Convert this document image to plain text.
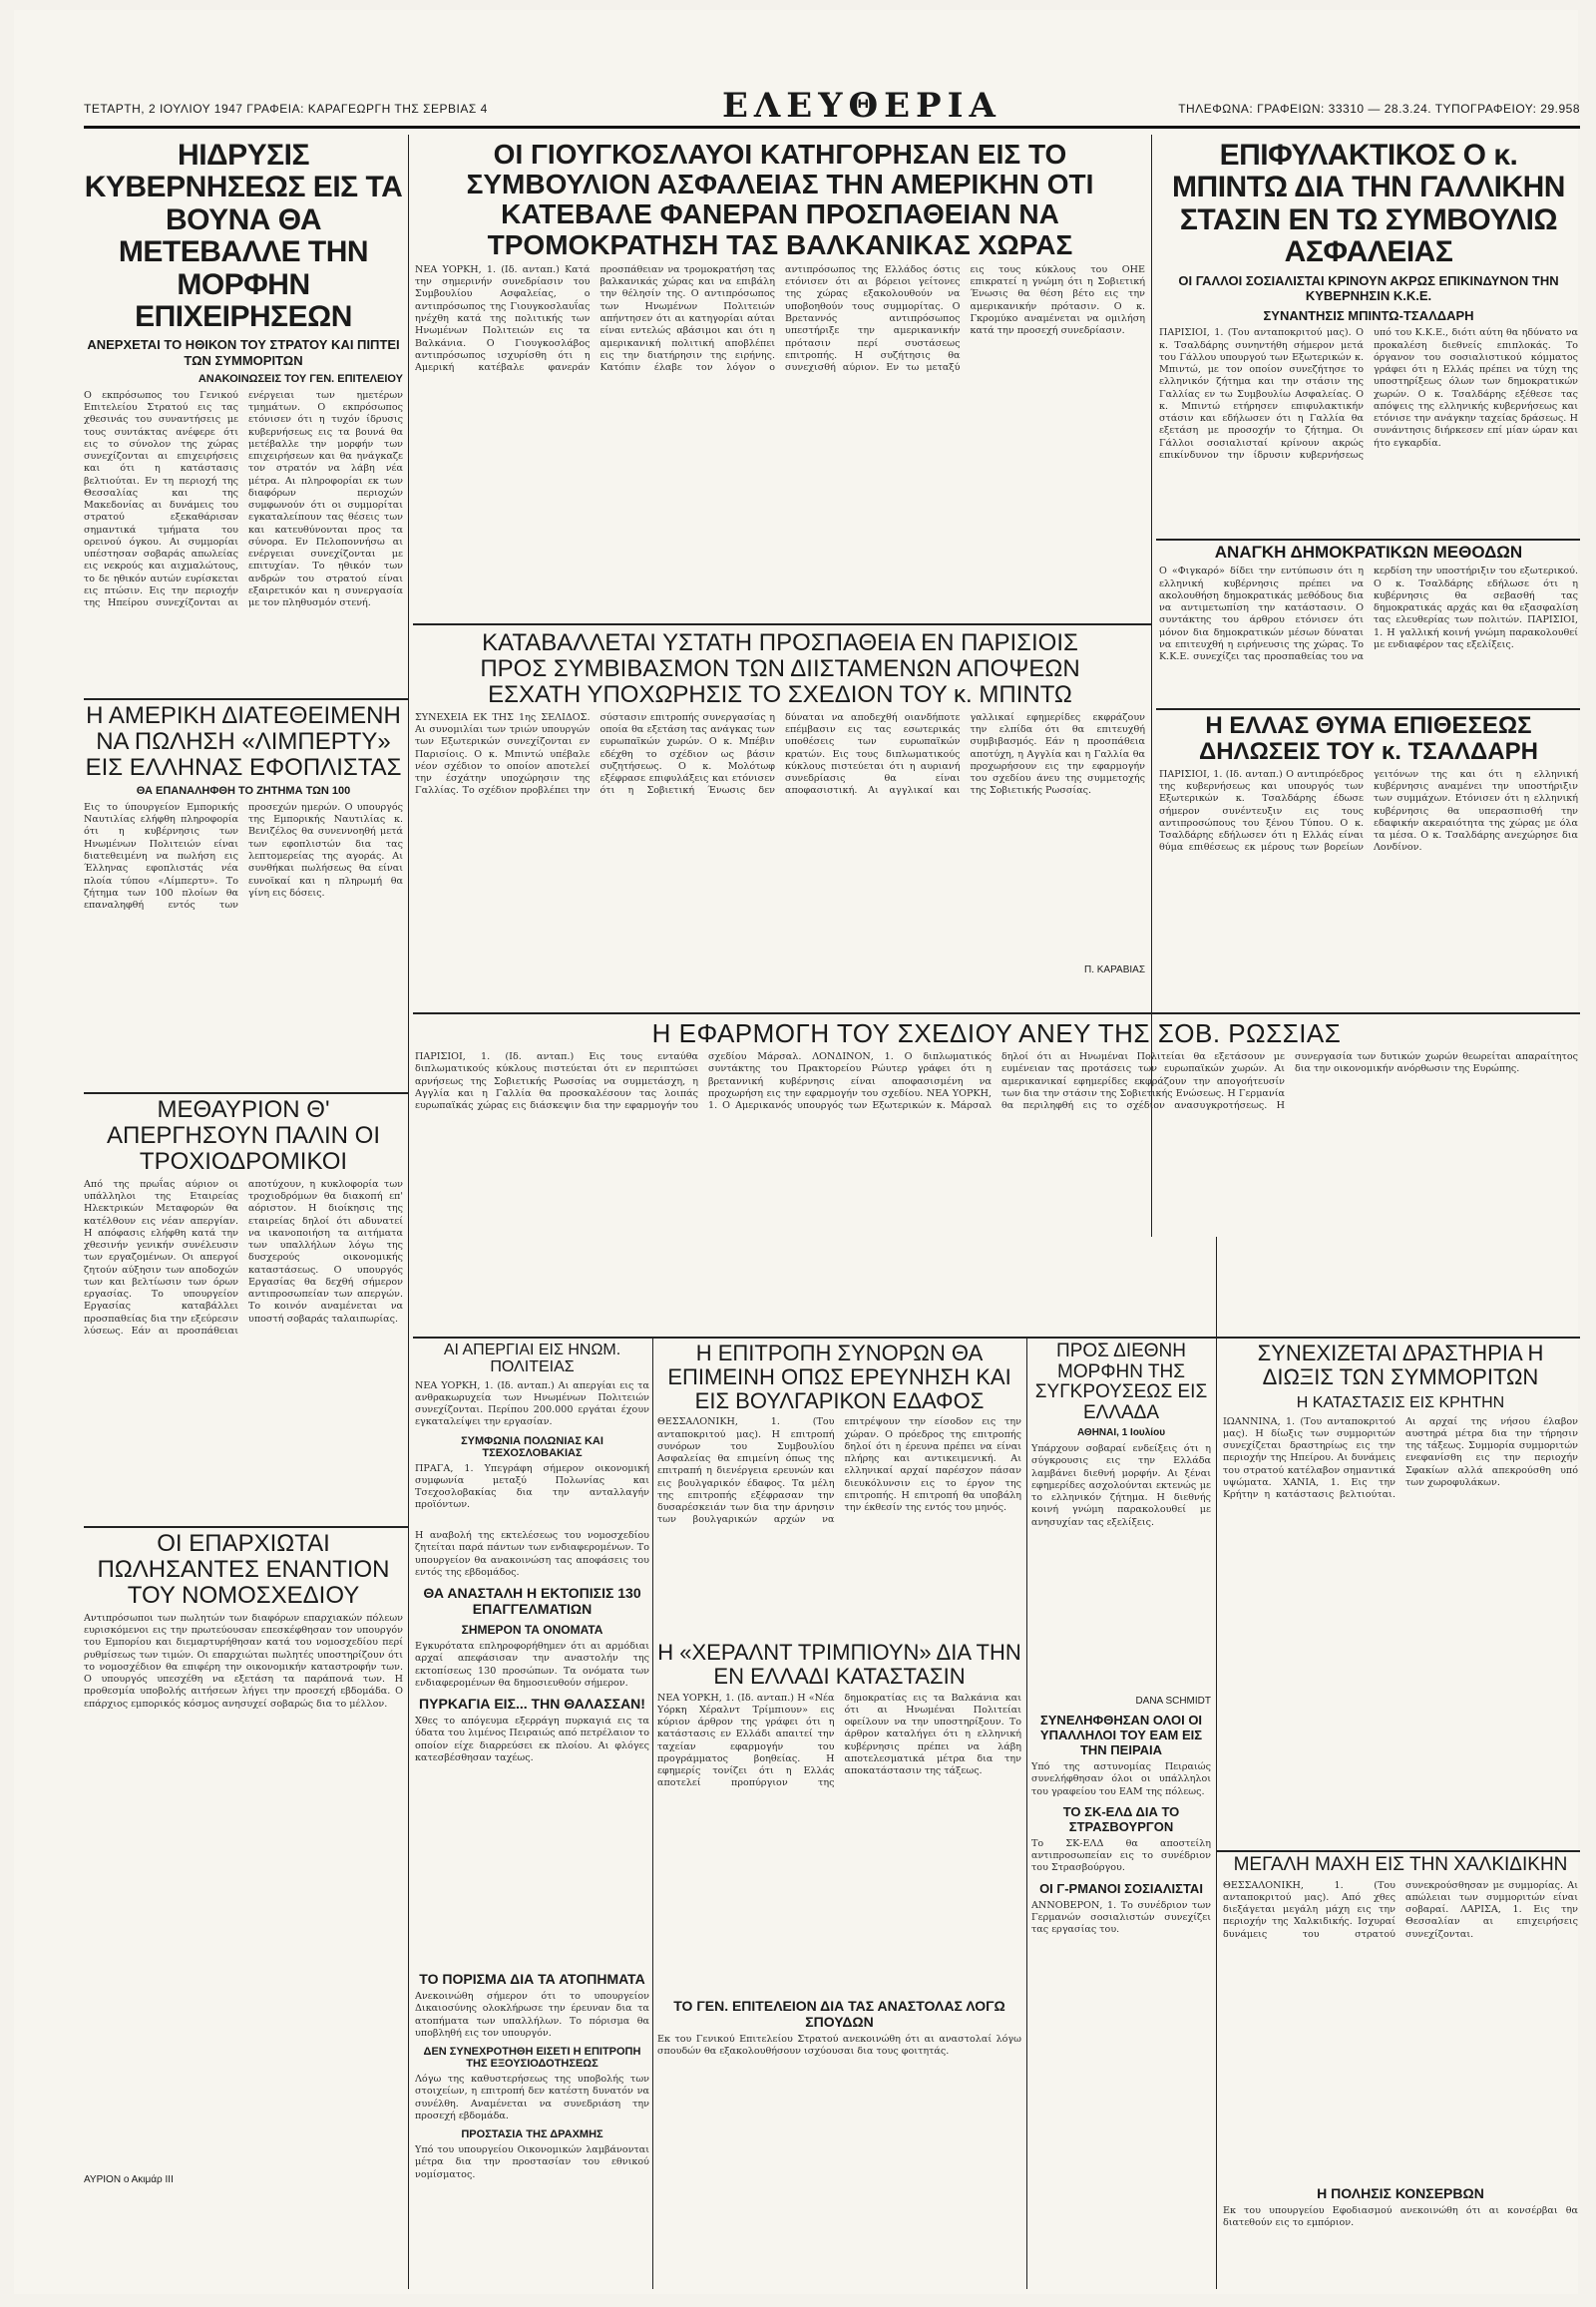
ΤΕΤΑΡΤΗ, 2 ΙΟΥΛΙΟΥ 1947 ΓΡΑΦΕΙΑ: ΚΑΡΑΓΕΩΡΓΗ ΤΗΣ ΣΕΡΒΙΑΣ 4	ΕΛΕΥΘΕΡΙΑ	ΤΗΛΕΦΩΝΑ: ΓΡΑΦΕΙΩΝ: 33310 — 28.3.24. ΤΥΠΟΓΡΑΦΕΙΟΥ: 29.958
ΗΙΔΡΥΣΙΣ ΚΥΒΕΡΝΗΣΕΩΣ ΕΙΣ ΤΑ ΒΟΥΝΑ ΘΑ ΜΕΤΕΒΑΛΛΕ ΤΗΝ ΜΟΡΦΗΝ ΕΠΙΧΕΙΡΗΣΕΩΝ

ΑΝΕΡΧΕΤΑΙ ΤΟ ΗΘΙΚΟΝ ΤΟΥ ΣΤΡΑΤΟΥ ΚΑΙ ΠΙΠΤΕΙ ΤΩΝ ΣΥΜΜΟΡΙΤΩΝ

ΑΝΑΚΟΙΝΩΣΕΙΣ ΤΟΥ ΓΕΝ. ΕΠΙΤΕΛΕΙΟΥ

Ο εκπρόσωπος του Γενικού Επιτελείου Στρατού εις τας χθεσινάς του συναντήσεις με τους συντάκτας ανέφερε ότι εις το σύνολον της χώρας συνεχίζονται αι επιχειρήσεις και ότι η κατάστασις βελτιούται. Εν τη περιοχή της Θεσσαλίας και της Μακεδονίας αι δυνάμεις του στρατού εξεκαθάρισαν σημαντικά τμήματα του ορεινού όγκου. Αι συμμορίαι υπέστησαν σοβαράς απωλείας εις νεκρούς και αιχμαλώτους, το δε ηθικόν αυτών ευρίσκεται εις πτώσιν. Εις την περιοχήν της Ηπείρου συνεχίζονται αι ενέργειαι των ημετέρων τμημάτων. Ο εκπρόσωπος ετόνισεν ότι η τυχόν ίδρυσις κυβερνήσεως εις τα βουνά θα μετέβαλλε την μορφήν των επιχειρήσεων και θα ηνάγκαζε τον στρατόν να λάβη νέα μέτρα. Αι πληροφορίαι εκ των διαφόρων περιοχών συμφωνούν ότι οι συμμορίται εγκαταλείπουν τας θέσεις των και κατευθύνονται προς τα σύνορα. Εν Πελοποννήσω αι ενέργειαι συνεχίζονται με επιτυχίαν. Το ηθικόν των ανδρών του στρατού είναι εξαιρετικόν και η συνεργασία με τον πληθυσμόν στενή.

ΟΙ ΓΙΟΥΓΚΟΣΛΑΥΟΙ ΚΑΤΗΓΟΡΗΣΑΝ ΕΙΣ ΤΟ ΣΥΜΒΟΥΛΙΟΝ ΑΣΦΑΛΕΙΑΣ ΤΗΝ ΑΜΕΡΙΚΗΝ ΟΤΙ ΚΑΤΕΒΑΛΕ ΦΑΝΕΡΑΝ ΠΡΟΣΠΑΘΕΙΑΝ ΝΑ ΤΡΟΜΟΚΡΑΤΗΣΗ ΤΑΣ ΒΑΛΚΑΝΙΚΑΣ ΧΩΡΑΣ

ΝΕΑ ΥΟΡΚΗ, 1. (Ιδ. ανταπ.) Κατά την σημερινήν συνεδρίασιν του Συμβουλίου Ασφαλείας, ο αντιπρόσωπος της Γιουγκοσλαυΐας ηνέχθη κατά της πολιτικής των Ηνωμένων Πολιτειών εις τα Βαλκάνια. Ο Γιουγκοσλάβος αντιπρόσωπος ισχυρίσθη ότι η Αμερική κατέβαλε φανεράν προσπάθειαν να τρομοκρατήση τας βαλκανικάς χώρας και να επιβάλη την θέλησίν της. Ο αντιπρόσωπος των Ηνωμένων Πολιτειών απήντησεν ότι αι κατηγορίαι αύται είναι εντελώς αβάσιμοι και ότι η αμερικανική πολιτική αποβλέπει εις την διατήρησιν της ειρήνης. Κατόπιν έλαβε τον λόγον ο αντιπρόσωπος της Ελλάδος όστις ετόνισεν ότι αι βόρειοι γείτονες της χώρας εξακολουθούν να υποβοηθούν τους συμμορίτας. Ο Βρεταννός αντιπρόσωπος υπεστήριξε την αμερικανικήν πρότασιν περί συστάσεως επιτροπής. Η συζήτησις θα συνεχισθή αύριον. Εν τω μεταξύ εις τους κύκλους του ΟΗΕ επικρατεί η γνώμη ότι η Σοβιετική Ένωσις θα θέση βέτο εις την αμερικανικήν πρότασιν. Ο κ. Γκρομύκο αναμένεται να ομιλήση κατά την προσεχή συνεδρίασιν.

ΕΠΙΦΥΛΑΚΤΙΚΟΣ Ο κ. ΜΠΙΝΤΩ ΔΙΑ ΤΗΝ ΓΑΛΛΙΚΗΝ ΣΤΑΣΙΝ ΕΝ ΤΩ ΣΥΜΒΟΥΛΙΩ ΑΣΦΑΛΕΙΑΣ

ΟΙ ΓΑΛΛΟΙ ΣΟΣΙΑΛΙΣΤΑΙ ΚΡΙΝΟΥΝ ΑΚΡΩΣ ΕΠΙΚΙΝΔΥΝΟΝ ΤΗΝ ΚΥΒΕΡΝΗΣΙΝ Κ.Κ.Ε.

ΣΥΝΑΝΤΗΣΙΣ ΜΠΙΝΤΩ-ΤΣΑΛΔΑΡΗ

ΠΑΡΙΣΙΟΙ, 1. (Του ανταποκριτού μας). Ο κ. Τσαλδάρης συνηντήθη σήμερον μετά του Γάλλου υπουργού των Εξωτερικών κ. Μπιντώ, με τον οποίον συνεζήτησε το ελληνικόν ζήτημα και την στάσιν της Γαλλίας εν τω Συμβουλίω Ασφαλείας. Ο κ. Μπιντώ ετήρησεν επιφυλακτικήν στάσιν και εδήλωσεν ότι η Γαλλία θα εξετάση με προσοχήν το ζήτημα. Οι Γάλλοι σοσιαλισταί κρίνουν ακρώς επικίνδυνον την ίδρυσιν κυβερνήσεως υπό του Κ.Κ.Ε., διότι αύτη θα ηδύνατο να προκαλέση διεθνείς επιπλοκάς. Το όργανον του σοσιαλιστικού κόμματος γράφει ότι η Ελλάς πρέπει να τύχη της υποστηρίξεως όλων των δημοκρατικών χωρών. Ο κ. Τσαλδάρης εξέθεσε τας απόψεις της ελληνικής κυβερνήσεως και ετόνισε την ανάγκην ταχείας δράσεως. Η συνάντησις διήρκεσεν επί μίαν ώραν και ήτο εγκαρδία.

ΚΑΤΑΒΑΛΛΕΤΑΙ ΥΣΤΑΤΗ ΠΡΟΣΠΑΘΕΙΑ ΕΝ ΠΑΡΙΣΙΟΙΣ
ΠΡΟΣ ΣΥΜΒΙΒΑΣΜΟΝ ΤΩΝ ΔΙΙΣΤΑΜΕΝΩΝ ΑΠΟΨΕΩΝ
ΕΣΧΑΤΗ ΥΠΟΧΩΡΗΣΙΣ ΤΟ ΣΧΕΔΙΟΝ ΤΟΥ κ. ΜΠΙΝΤΩ

ΣΥΝΕΧΕΙΑ ΕΚ ΤΗΣ 1ης ΣΕΛΙΔΟΣ. Αι συνομιλίαι των τριών υπουργών των Εξωτερικών συνεχίζονται εν Παρισίοις. Ο κ. Μπιντώ υπέβαλε νέον σχέδιον το οποίον αποτελεί την έσχάτην υποχώρησιν της Γαλλίας. Το σχέδιον προβλέπει την σύστασιν επιτροπής συνεργασίας η οποία θα εξετάση τας ανάγκας των ευρωπαϊκών χωρών. Ο κ. Μπέβιν εδέχθη το σχέδιον ως βάσιν συζητήσεως. Ο κ. Μολότωφ εξέφρασε επιφυλάξεις και ετόνισεν ότι η Σοβιετική Ένωσις δεν δύναται να αποδεχθή οιανδήποτε επέμβασιν εις τας εσωτερικάς υποθέσεις των ευρωπαϊκών κρατών. Εις τους διπλωματικούς κύκλους πιστεύεται ότι η αυριανή συνεδρίασις θα είναι αποφασιστική. Αι αγγλικαί και γαλλικαί εφημερίδες εκφράζουν την ελπίδα ότι θα επιτευχθή συμβιβασμός. Εάν η προσπάθεια αποτύχη, η Αγγλία και η Γαλλία θα προχωρήσουν εις την εφαρμογήν του σχεδίου άνευ της συμμετοχής της Σοβιετικής Ρωσσίας.

Π. ΚΑΡΑΒΙΑΣ

ΑΝΑΓΚΗ ΔΗΜΟΚΡΑΤΙΚΩΝ ΜΕΘΟΔΩΝ

Ο «Φιγκαρό» δίδει την εντύπωσιν ότι η ελληνική κυβέρνησις πρέπει να ακολουθήση δημοκρατικάς μεθόδους δια να αντιμετωπίση την κατάστασιν. Ο συντάκτης του άρθρου ετόνισεν ότι μόνον δια δημοκρατικών μέσων δύναται να επιτευχθή η ειρήνευσις της χώρας. Το Κ.Κ.Ε. συνεχίζει τας προσπαθείας του να κερδίση την υποστήριξιν του εξωτερικού. Ο κ. Τσαλδάρης εδήλωσε ότι η κυβέρνησις θα σεβασθή τας δημοκρατικάς αρχάς και θα εξασφαλίση τας ελευθερίας των πολιτών. ΠΑΡΙΣΙΟΙ, 1. Η γαλλική κοινή γνώμη παρακολουθεί με ενδιαφέρον τας εξελίξεις.

Η ΕΛΛΑΣ ΘΥΜΑ ΕΠΙΘΕΣΕΩΣ ΔΗΛΩΣΕΙΣ ΤΟΥ κ. ΤΣΑΛΔΑΡΗ

ΠΑΡΙΣΙΟΙ, 1. (Ιδ. ανταπ.) Ο αντιπρόεδρος της κυβερνήσεως και υπουργός των Εξωτερικών κ. Τσαλδάρης έδωσε σήμερον συνέντευξιν εις τους αντιπροσώπους του ξένου Τύπου. Ο κ. Τσαλδάρης εδήλωσεν ότι η Ελλάς είναι θύμα επιθέσεως εκ μέρους των βορείων γειτόνων της και ότι η ελληνική κυβέρνησις αναμένει την υποστήριξιν των συμμάχων. Ετόνισεν ότι η ελληνική κυβέρνησις θα υπερασπισθή την εδαφικήν ακεραιότητα της χώρας με όλα τα μέσα. Ο κ. Τσαλδάρης ανεχώρησε δια Λονδίνον.

Η ΕΦΑΡΜΟΓΗ ΤΟΥ ΣΧΕΔΙΟΥ ΑΝΕΥ ΤΗΣ ΣΟΒ. ΡΩΣΣΙΑΣ

ΠΑΡΙΣΙΟΙ, 1. (Ιδ. ανταπ.) Εις τους ενταύθα διπλωματικούς κύκλους πιστεύεται ότι εν περιπτώσει αρνήσεως της Σοβιετικής Ρωσσίας να συμμετάσχη, η Αγγλία και η Γαλλία θα προσκαλέσουν τας λοιπάς ευρωπαϊκάς χώρας εις διάσκεψιν δια την εφαρμογήν του σχεδίου Μάρσαλ. ΛΟΝΔΙΝΟΝ, 1. Ο διπλωματικός συντάκτης του Πρακτορείου Ρώυτερ γράφει ότι η βρεταννική κυβέρνησις είναι αποφασισμένη να προχωρήση εις την εφαρμογήν του σχεδίου. ΝΕΑ ΥΟΡΚΗ, 1. Ο Αμερικανός υπουργός των Εξωτερικών κ. Μάρσαλ δηλοί ότι αι Ηνωμέναι Πολιτείαι θα εξετάσουν με ευμένειαν τας προτάσεις των ευρωπαϊκών χωρών. Αι αμερικανικαί εφημερίδες εκφράζουν την απογοήτευσίν των δια την στάσιν της Σοβιετικής Ενώσεως. Η Γερμανία θα περιληφθή εις το σχέδιον ανασυγκροτήσεως. Η συνεργασία των δυτικών χωρών θεωρείται απαραίτητος δια την οικονομικήν ανόρθωσιν της Ευρώπης.

Η ΑΜΕΡΙΚΗ ΔΙΑΤΕΘΕΙΜΕΝΗ ΝΑ ΠΩΛΗΣΗ «ΛΙΜΠΕΡΤΥ» ΕΙΣ ΕΛΛΗΝΑΣ ΕΦΟΠΛΙΣΤΑΣ

ΘΑ ΕΠΑΝΑΛΗΦΘΗ ΤΟ ΖΗΤΗΜΑ ΤΩΝ 100

Εις το ύπουργείον Εμπορικής Ναυτιλίας ελήφθη πληροφορία ότι η κυβέρνησις των Ηνωμένων Πολιτειών είναι διατεθειμένη να πωλήση εις Έλληνας εφοπλιστάς νέα πλοία τύπου «Λίμπερτυ». Το ζήτημα των 100 πλοίων θα επαναληφθή εντός των προσεχών ημερών. Ο υπουργός της Εμπορικής Ναυτιλίας κ. Βενιζέλος θα συνεννοηθή μετά των εφοπλιστών δια τας λεπτομερείας της αγοράς. Αι συνθήκαι πωλήσεως θα είναι ευνοϊκαί και η πληρωμή θα γίνη εις δόσεις.

ΜΕΘΑΥΡΙΟΝ Θ' ΑΠΕΡΓΗΣΟΥΝ ΠΑΛΙΝ ΟΙ ΤΡΟΧΙΟΔΡΟΜΙΚΟΙ

Από της πρωΐας αύριον οι υπάλληλοι της Εταιρείας Ηλεκτρικών Μεταφορών θα κατέλθουν εις νέαν απεργίαν. Η απόφασις ελήφθη κατά την χθεσινήν γενικήν συνέλευσιν των εργαζομένων. Οι απεργοί ζητούν αύξησιν των αποδοχών των και βελτίωσιν των όρων εργασίας. Το υπουργείον Εργασίας καταβάλλει προσπαθείας δια την εξεύρεσιν λύσεως. Εάν αι προσπάθειαι αποτύχουν, η κυκλοφορία των τροχιοδρόμων θα διακοπή επ' αόριστον. Η διοίκησις της εταιρείας δηλοί ότι αδυνατεί να ικανοποιήση τα αιτήματα των υπαλλήλων λόγω της δυσχερούς οικονομικής καταστάσεως. Ο υπουργός Εργασίας θα δεχθή σήμερον αντιπροσωπείαν των απεργών. Το κοινόν αναμένεται να υποστή σοβαράς ταλαιπωρίας.

ΟΙ ΕΠΑΡΧΙΩΤΑΙ ΠΩΛΗΣΑΝΤΕΣ ΕΝΑΝΤΙΟΝ ΤΟΥ ΝΟΜΟΣΧΕΔΙΟΥ

Αντιπρόσωποι των πωλητών των διαφόρων επαρχιακών πόλεων ευρισκόμενοι εις την πρωτεύουσαν επεσκέφθησαν τον υπουργόν του Εμπορίου και διεμαρτυρήθησαν κατά του νομοσχεδίου περί ρυθμίσεως των τιμών. Οι επαρχιώται πωλητές υποστηρίζουν ότι το νομοσχέδιον θα επιφέρη την οικονομικήν καταστροφήν των. Ο υπουργός υπεσχέθη να εξετάση τα παράπονά των. Η προθεσμία υποβολής αιτήσεων λήγει την προσεχή εβδομάδα. Ο επάρχιος εμπορικός κόσμος ανησυχεί σοβαρώς δια το μέλλον.

ΑΥΡΙΟΝ ο Ακιμάρ ΙΙΙ

Η αναβολή της εκτελέσεως του νομοσχεδίου ζητείται παρά πάντων των ενδιαφερομένων. Το υπουργείον θα ανακοινώση τας αποφάσεις του εντός της εβδομάδος.

ΘΑ ΑΝΑΣΤΑΛΗ Η ΕΚΤΟΠΙΣΙΣ 130 ΕΠΑΓΓΕΛΜΑΤΙΩΝ

ΣΗΜΕΡΟΝ ΤΑ ΟΝΟΜΑΤΑ

Εγκυρότατα επληροφορήθημεν ότι αι αρμόδιαι αρχαί απεφάσισαν την αναστολήν της εκτοπίσεως 130 προσώπων. Τα ονόματα των ενδιαφερομένων θα δημοσιευθούν σήμερον.

ΠΥΡΚΑΓΙΑ ΕΙΣ... ΤΗΝ ΘΑΛΑΣΣΑΝ!

Χθες το απόγευμα εξερράγη πυρκαγιά εις τα ύδατα του λιμένος Πειραιώς από πετρέλαιον το οποίον είχε διαρρεύσει εκ πλοίου. Αι φλόγες κατεσβέσθησαν ταχέως.

ΑΙ ΑΠΕΡΓΙΑΙ ΕΙΣ ΗΝΩΜ. ΠΟΛΙΤΕΙΑΣ

ΝΕΑ ΥΟΡΚΗ, 1. (Ιδ. ανταπ.) Αι απεργίαι εις τα ανθρακωρυχεία των Ηνωμένων Πολιτειών συνεχίζονται. Περίπου 200.000 εργάται έχουν εγκαταλείψει την εργασίαν.

ΣΥΜΦΩΝΙΑ ΠΟΛΩΝΙΑΣ ΚΑΙ ΤΣΕΧΟΣΛΟΒΑΚΙΑΣ

ΠΡΑΓΑ, 1. Υπεγράφη σήμερον οικονομική συμφωνία μεταξύ Πολωνίας και Τσεχοσλοβακίας δια την ανταλλαγήν προϊόντων.

Η ΕΠΙΤΡΟΠΗ ΣΥΝΟΡΩΝ ΘΑ ΕΠΙΜΕΙΝΗ ΟΠΩΣ ΕΡΕΥΝΗΣΗ ΚΑΙ ΕΙΣ ΒΟΥΛΓΑΡΙΚΟΝ ΕΔΑΦΟΣ

ΘΕΣΣΑΛΟΝΙΚΗ, 1. (Του ανταποκριτού μας). Η επιτροπή συνόρων του Συμβουλίου Ασφαλείας θα επιμείνη όπως της επιτραπή η διενέργεια ερευνών και εις βουλγαρικόν έδαφος. Τα μέλη της επιτροπής εξέφρασαν την δυσαρέσκειάν των δια την άρνησιν των βουλγαρικών αρχών να επιτρέψουν την είσοδον εις την χώραν. Ο πρόεδρος της επιτροπής δηλοί ότι η έρευνα πρέπει να είναι πλήρης και αντικειμενική. Αι ελληνικαί αρχαί παρέσχον πάσαν διευκόλυνσιν εις το έργον της επιτροπής. Η επιτροπή θα υποβάλη την έκθεσίν της εντός του μηνός.

Η «ΧΕΡΑΛΝΤ ΤΡΙΜΠΙΟΥΝ» ΔΙΑ ΤΗΝ ΕΝ ΕΛΛΑΔΙ ΚΑΤΑΣΤΑΣΙΝ

ΝΕΑ ΥΟΡΚΗ, 1. (Ιδ. ανταπ.) Η «Νέα Υόρκη Χέραλντ Τρίμπιουν» εις κύριον άρθρον της γράφει ότι η κατάστασις εν Ελλάδι απαιτεί την ταχείαν εφαρμογήν του προγράμματος βοηθείας. Η εφημερίς τονίζει ότι η Ελλάς αποτελεί προπύργιον της δημοκρατίας εις τα Βαλκάνια και ότι αι Ηνωμέναι Πολιτείαι οφείλουν να την υποστηρίξουν. Το άρθρον καταλήγει ότι η ελληνική κυβέρνησις πρέπει να λάβη αποτελεσματικά μέτρα δια την αποκατάστασιν της τάξεως.

ΤΟ ΓΕΝ. ΕΠΙΤΕΛΕΙΟΝ ΔΙΑ ΤΑΣ ΑΝΑΣΤΟΛΑΣ ΛΟΓΩ ΣΠΟΥΔΩΝ

Εκ του Γενικού Επιτελείου Στρατού ανεκοινώθη ότι αι αναστολαί λόγω σπουδών θα εξακολουθήσουν ισχύουσαι δια τους φοιτητάς.

ΤΟ ΠΟΡΙΣΜΑ ΔΙΑ ΤΑ ΑΤΟΠΗΜΑΤΑ

Ανεκοινώθη σήμερον ότι το υπουργείον Δικαιοσύνης ολοκλήρωσε την έρευναν δια τα ατοπήματα των υπαλλήλων. Το πόρισμα θα υποβληθή εις τον υπουργόν.

ΔΕΝ ΣΥΝΕΧΡΟΤΗΘΗ ΕΙΣΕΤΙ Η ΕΠΙΤΡΟΠΗ ΤΗΣ ΕΞΟΥΣΙΟΔΟΤΗΣΕΩΣ

Λόγω της καθυστερήσεως της υποβολής των στοιχείων, η επιτροπή δεν κατέστη δυνατόν να συνέλθη. Αναμένεται να συνεδριάση την προσεχή εβδομάδα.

ΠΡΟΣΤΑΣΙΑ ΤΗΣ ΔΡΑΧΜΗΣ

Υπό του υπουργείου Οικονομικών λαμβάνονται μέτρα δια την προστασίαν του εθνικού νομίσματος.

ΠΡΟΣ ΔΙΕΘΝΗ ΜΟΡΦΗΝ ΤΗΣ ΣΥΓΚΡΟΥΣΕΩΣ ΕΙΣ ΕΛΛΑΔΑ

ΑΘΗΝΑΙ, 1 Ιουλίου

Υπάρχουν σοβαραί ενδείξεις ότι η σύγκρουσις εις την Ελλάδα λαμβάνει διεθνή μορφήν. Αι ξέναι εφημερίδες ασχολούνται εκτενώς με το ελληνικόν ζήτημα. Η διεθνής κοινή γνώμη παρακολουθεί με ανησυχίαν τας εξελίξεις.

DANA SCHMIDT

ΣΥΝΕΛΗΦΘΗΣΑΝ ΟΛΟΙ ΟΙ ΥΠΑΛΛΗΛΟΙ ΤΟΥ ΕΑΜ ΕΙΣ ΤΗΝ ΠΕΙΡΑΙΑ

Υπό της αστυνομίας Πειραιώς συνελήφθησαν όλοι οι υπάλληλοι του γραφείου του ΕΑΜ της πόλεως.

ΤΟ ΣΚ-ΕΛΔ ΔΙΑ ΤΟ ΣΤΡΑΣΒΟΥΡΓΟΝ

Το ΣΚ-ΕΛΔ θα αποστείλη αντιπροσωπείαν εις το συνέδριον του Στρασβούργου.

ΟΙ Γ-ΡΜΑΝΟΙ ΣΟΣΙΑΛΙΣΤΑΙ

ΑΝΝΟΒΕΡΟΝ, 1. Το συνέδριον των Γερμανών σοσιαλιστών συνεχίζει τας εργασίας του.

ΣΥΝΕΧΙΖΕΤΑΙ ΔΡΑΣΤΗΡΙΑ Η ΔΙΩΞΙΣ ΤΩΝ ΣΥΜΜΟΡΙΤΩΝ

Η ΚΑΤΑΣΤΑΣΙΣ ΕΙΣ ΚΡΗΤΗΝ

ΙΩΑΝΝΙΝΑ, 1. (Του ανταποκριτού μας). Η δίωξις των συμμοριτών συνεχίζεται δραστηρίως εις την περιοχήν της Ηπείρου. Αι δυνάμεις του στρατού κατέλαβον σημαντικά υψώματα. ΧΑΝΙΑ, 1. Εις την Κρήτην η κατάστασις βελτιούται. Αι αρχαί της νήσου έλαβον αυστηρά μέτρα δια την τήρησιν της τάξεως. Συμμορία συμμοριτών ενεφανίσθη εις την περιοχήν Σφακίων αλλά απεκρούσθη υπό των χωροφυλάκων.

ΜΕΓΑΛΗ ΜΑΧΗ ΕΙΣ ΤΗΝ ΧΑΛΚΙΔΙΚΗΝ

ΘΕΣΣΑΛΟΝΙΚΗ, 1. (Του ανταποκριτού μας). Από χθες διεξάγεται μεγάλη μάχη εις την περιοχήν της Χαλκιδικής. Ισχυραί δυνάμεις του στρατού συνεκρούσθησαν με συμμορίας. Αι απώλειαι των συμμοριτών είναι σοβαραί. ΛΑΡΙΣΑ, 1. Εις την Θεσσαλίαν αι επιχειρήσεις συνεχίζονται.

Η ΠΟΛΗΣΙΣ ΚΟΝΣΕΡΒΩΝ

Εκ του υπουργείου Εφοδιασμού ανεκοινώθη ότι αι κονσέρβαι θα διατεθούν εις το εμπόριον.
